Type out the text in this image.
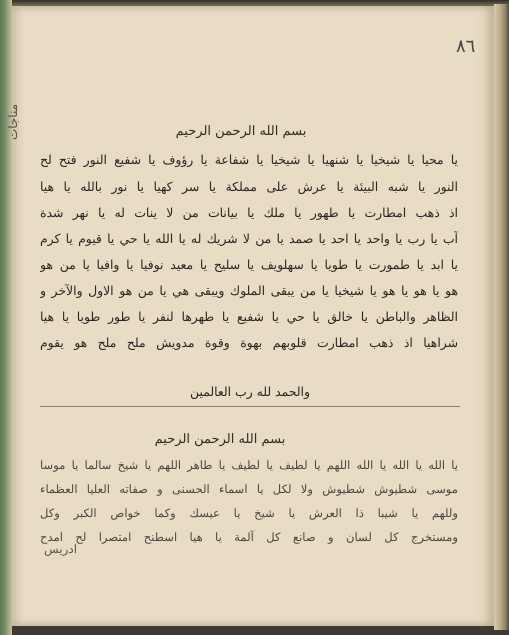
٨٦
مناجات	بسم الله الرحمن الرحيم
يا محيا يا شيخيا يا شنهيا يا شيخيا يا شفاعة يا رؤوف يا شفيع النور فتح لح
النور يا شبه البيئة يا عرش على مملكة يا سر كهيا يا نور بالله يا هيا
اذ ذهب امطارت يا طهور يا ملك يا بيانات من لا ينات له يا نهر شدة
آب يا رب يا واحد يا احد يا صمد يا من لا شريك له يا الله يا حي يا قيوم يا كرم
يا ابد يا طمورت يا طويا يا سهلويف يا سليح يا معيد نوفيا يا وافيا يا من هو
هو يا هو يا هو يا شيخيا يا من يبقى الملوك ويبقى هي يا من هو الاول والآخر و
الظاهر والباطن يا خالق يا حي يا شفيع يا طهرها لنفر يا طور طويا يا هيا
شراهيا اذ ذهب امطارت قلوبهم بهوة وقوة مدويش ملح ملح هو يقوم
والحمد لله رب العالمين
بسم الله الرحمن الرحيم
يا الله يا الله يا الله اللهم يا لطيف يا لطيف يا طاهر اللهم يا شيخ سالما يا موسا
موسى شطيوش شطيوش ولا لكل يا اسماء الحسنى و صفاته العليا العظماء
وللهم يا شيبا ذا العرش يا شيخ يا عيسك وكما خواص الكبر وكل
ومستخرج كل لسان و صانع كل آلمة يا هيا اسطنح امتصرا لح امدح
ادريس
